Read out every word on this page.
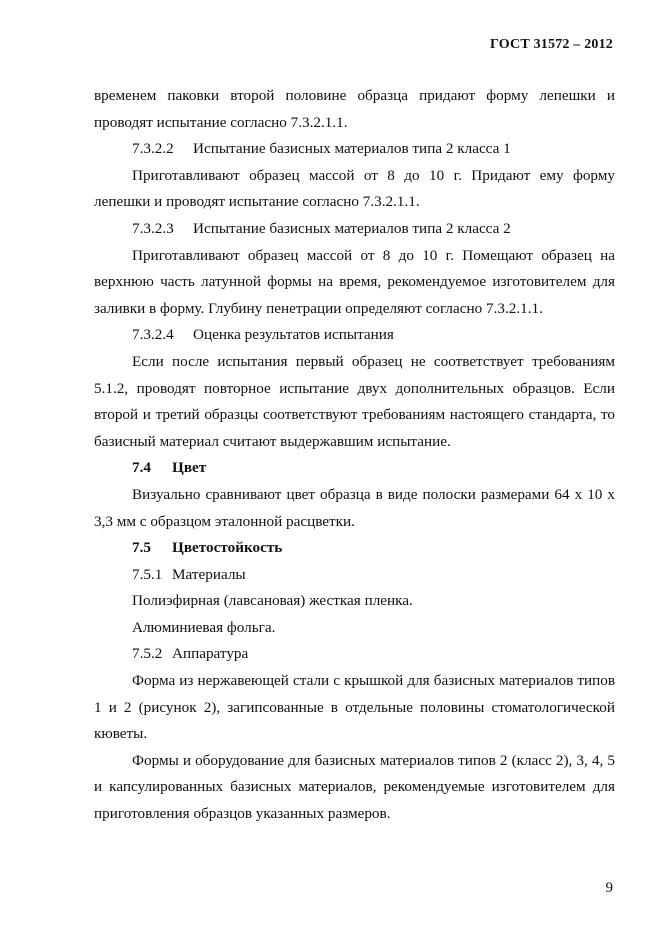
ГОСТ 31572 – 2012

временем паковки второй половине образца придают форму лепешки и проводят испытание согласно 7.3.2.1.1.

7.3.2.2 Испытание базисных материалов типа 2 класса 1

Приготавливают образец массой от 8 до 10 г. Придают ему форму лепешки и проводят испытание согласно 7.3.2.1.1.

7.3.2.3 Испытание базисных материалов типа 2 класса 2

Приготавливают образец массой от 8 до 10 г. Помещают образец на верхнюю часть латунной формы на время, рекомендуемое изготовителем для заливки в форму. Глубину пенетрации определяют согласно 7.3.2.1.1.

7.3.2.4 Оценка результатов испытания

Если после испытания первый образец не соответствует требованиям 5.1.2, проводят повторное испытание двух дополнительных образцов. Если второй и третий образцы соответствуют требованиям настоящего стандарта, то базисный материал считают выдержавшим испытание.

7.4 Цвет

Визуально сравнивают цвет образца в виде полоски размерами 64 x 10 x 3,3 мм с образцом эталонной расцветки.

7.5 Цветостойкость

7.5.1 Материалы

Полиэфирная (лавсановая) жесткая пленка.

Алюминиевая фольга.

7.5.2 Аппаратура

Форма из нержавеющей стали с крышкой для базисных материалов типов 1 и 2 (рисунок 2), загипсованные в отдельные половины стоматологической кюветы.

Формы и оборудование для базисных материалов типов 2 (класс 2), 3, 4, 5 и капсулированных базисных материалов, рекомендуемые изготовителем для приготовления образцов указанных размеров.

9
